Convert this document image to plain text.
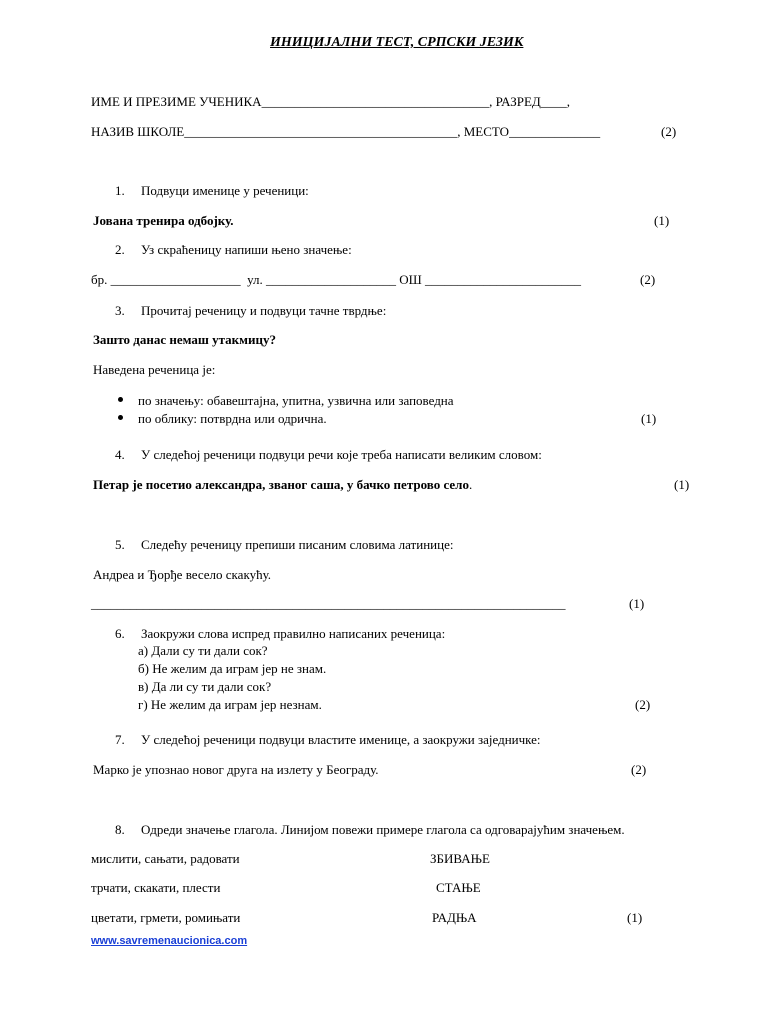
ИНИЦИЈАЛНИ ТЕСТ, СРПСКИ ЈЕЗИК
ИМЕ И ПРЕЗИМЕ УЧЕНИКА___________________________________, РАЗРЕД____,
НАЗИВ ШКОЛЕ__________________________________________, МЕСТО______________	(2)
1.     Подвуци именице у реченици:
Јована тренира одбојку.	(1)
2.     Уз скраћеницу напиши њено значење:
бр. ____________________  ул. ____________________ ОШ ________________________	(2)
3.     Прочитај реченицу и подвуци тачне тврдње:
Зашто данас немаш утакмицу?
Наведена реченица је:
по значењу: обавештајна, упитна, узвична или заповедна
по облику: потврдна или одрична.	(1)
4.     У следећој реченици подвуци речи које треба написати великим словом:
Петар је посетио александра, званог саша, у бачко петрово село.	(1)
5.     Следећу реченицу препиши писаним словима латинице:
Андреа и Ђорђе весело скакућу.
_________________________________________________________________________	(1)
6.     Заокружи слова испред правилно написаних реченица:
а) Дали су ти дали сок?
б) Не желим да играм јер не знам.
в) Да ли су ти дали сок?
г) Не желим да играм јер незнам.	(2)
7.     У следећој реченици подвуци властите именице, а заокружи заједничке:
Марко је упознао новог друга на излету у Београду.	(2)
8.     Одреди значење глагола. Линијом повежи примере глагола са одговарајућим значењем.
мислити, сањати, радовати	ЗБИВАЊЕ
трчати, скакати, плести	СТАЊЕ
цветати, грмети, ромињати	РАДЊА	(1)
www.savremenaucionica.com
